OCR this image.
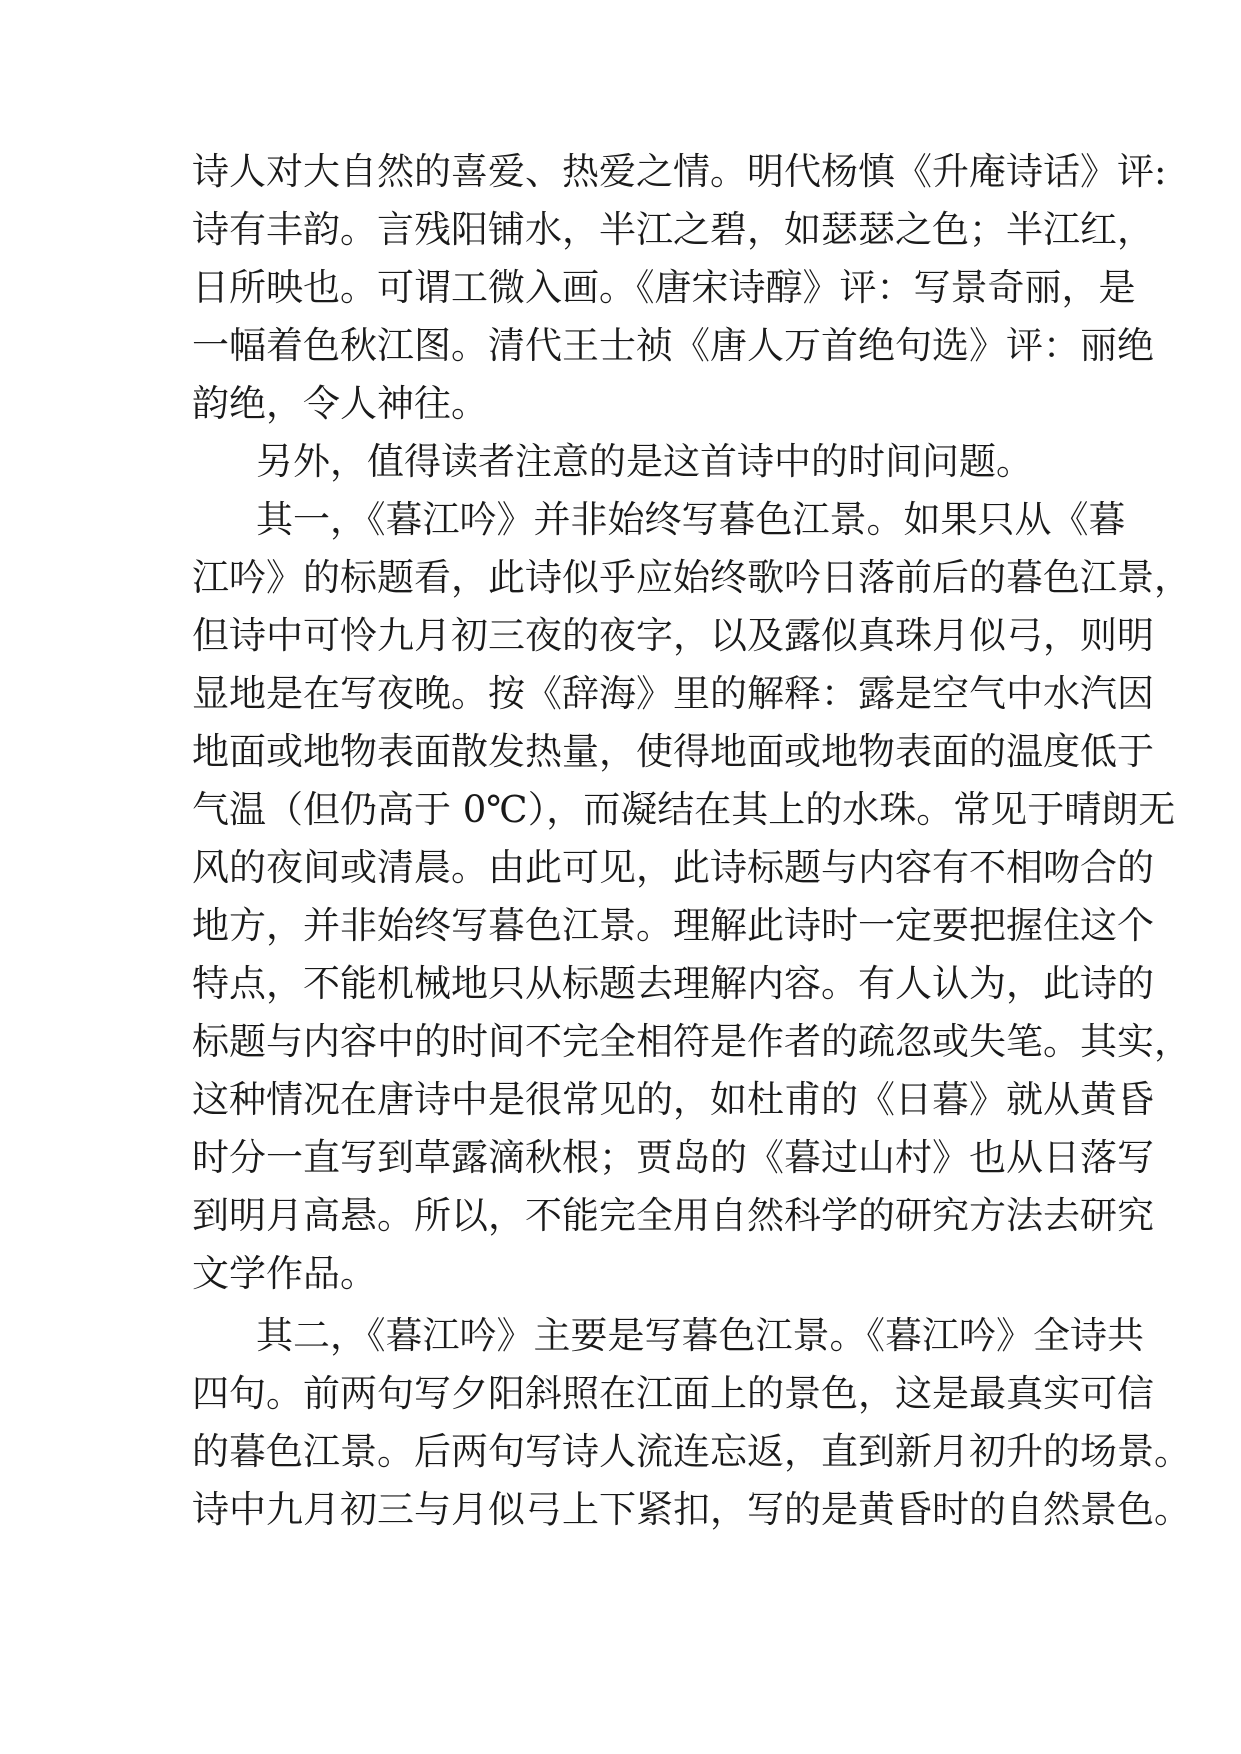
诗人对大自然的喜爱、热爱之情。明代杨慎《升庵诗话》评:
诗有丰韵。言残阳铺水，半江之碧，如瑟瑟之色；半江红，
日所映也。可谓工微入画。《唐宋诗醇》评：写景奇丽，是
一幅着色秋江图。清代王士祯《唐人万首绝句选》评：丽绝
韵绝，令人神往。
另外，值得读者注意的是这首诗中的时间问题。
其一，《暮江吟》并非始终写暮色江景。如果只从《暮
江吟》的标题看，此诗似乎应始终歌吟日落前后的暮色江景，
但诗中可怜九月初三夜的夜字，以及露似真珠月似弓，则明
显地是在写夜晚。按《辞海》里的解释：露是空气中水汽因
地面或地物表面散发热量，使得地面或地物表面的温度低于
气温（但仍高于 0℃），而凝结在其上的水珠。常见于晴朗无
风的夜间或清晨。由此可见，此诗标题与内容有不相吻合的
地方，并非始终写暮色江景。理解此诗时一定要把握住这个
特点，不能机械地只从标题去理解内容。有人认为，此诗的
标题与内容中的时间不完全相符是作者的疏忽或失笔。其实，
这种情况在唐诗中是很常见的，如杜甫的《日暮》就从黄昏
时分一直写到草露滴秋根；贾岛的《暮过山村》也从日落写
到明月高悬。所以，不能完全用自然科学的研究方法去研究
文学作品。
其二，《暮江吟》主要是写暮色江景。《暮江吟》全诗共
四句。前两句写夕阳斜照在江面上的景色，这是最真实可信
的暮色江景。后两句写诗人流连忘返，直到新月初升的场景。
诗中九月初三与月似弓上下紧扣，写的是黄昏时的自然景色。
